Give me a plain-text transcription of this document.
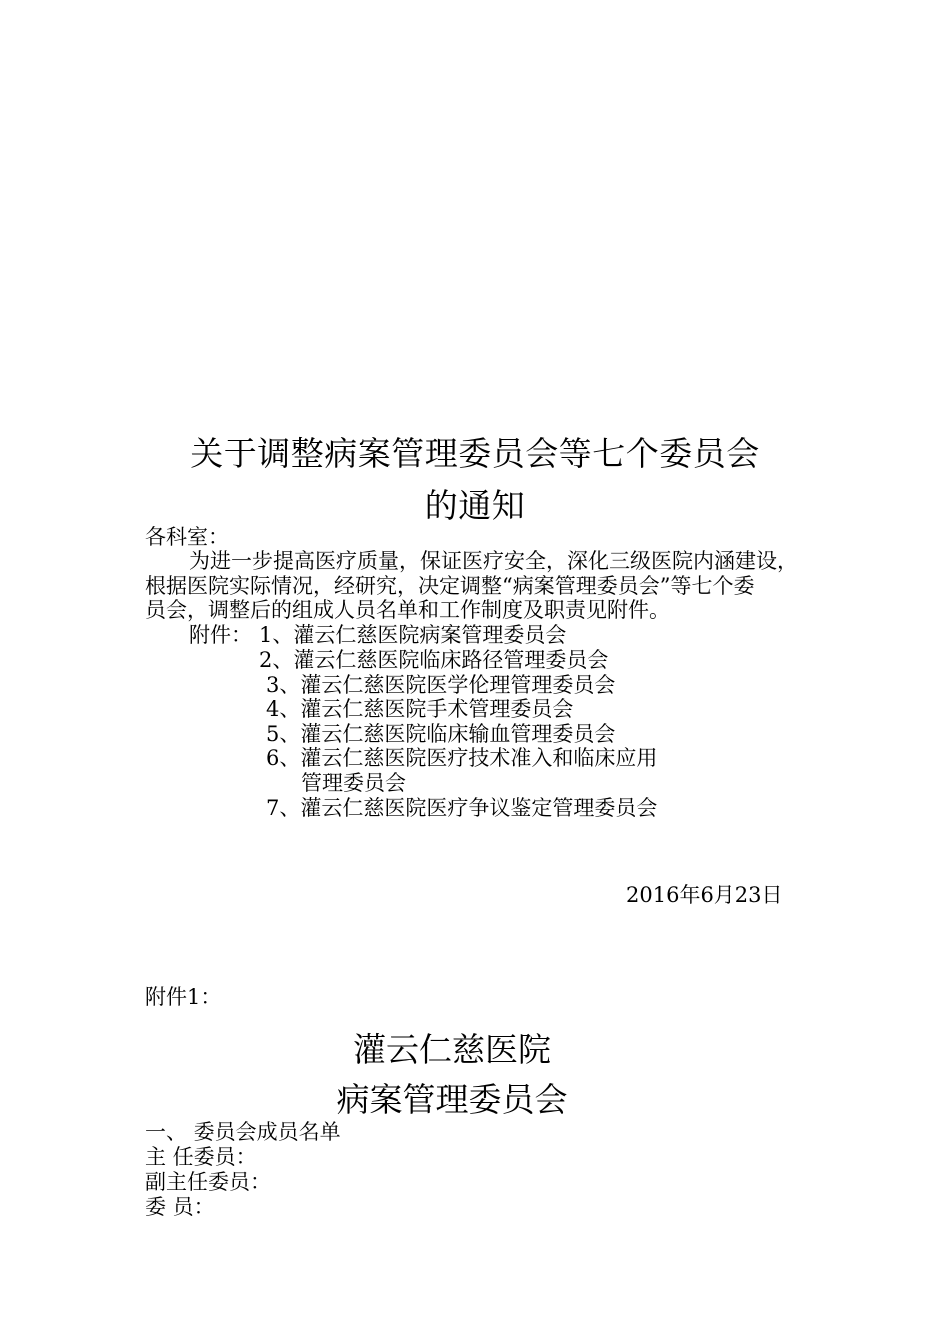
关于调整病案管理委员会等七个委员会
的通知
各科室：
为进一步提高医疗质量，保证医疗安全，深化三级医院内涵建设，
根据医院实际情况，经研究，决定调整“病案管理委员会”等七个委
员会，调整后的组成人员名单和工作制度及职责见附件。
附件： 1、灌云仁慈医院病案管理委员会
2、灌云仁慈医院临床路径管理委员会
3、灌云仁慈医院医学伦理管理委员会
4、灌云仁慈医院手术管理委员会
5、灌云仁慈医院临床输血管理委员会
6、灌云仁慈医院医疗技术准入和临床应用
管理委员会
7、灌云仁慈医院医疗争议鉴定管理委员会
2016年6月23日
附件1：
灌云仁慈医院
病案管理委员会
一、 委员会成员名单
主 任委员：
副主任委员：
委 员：
